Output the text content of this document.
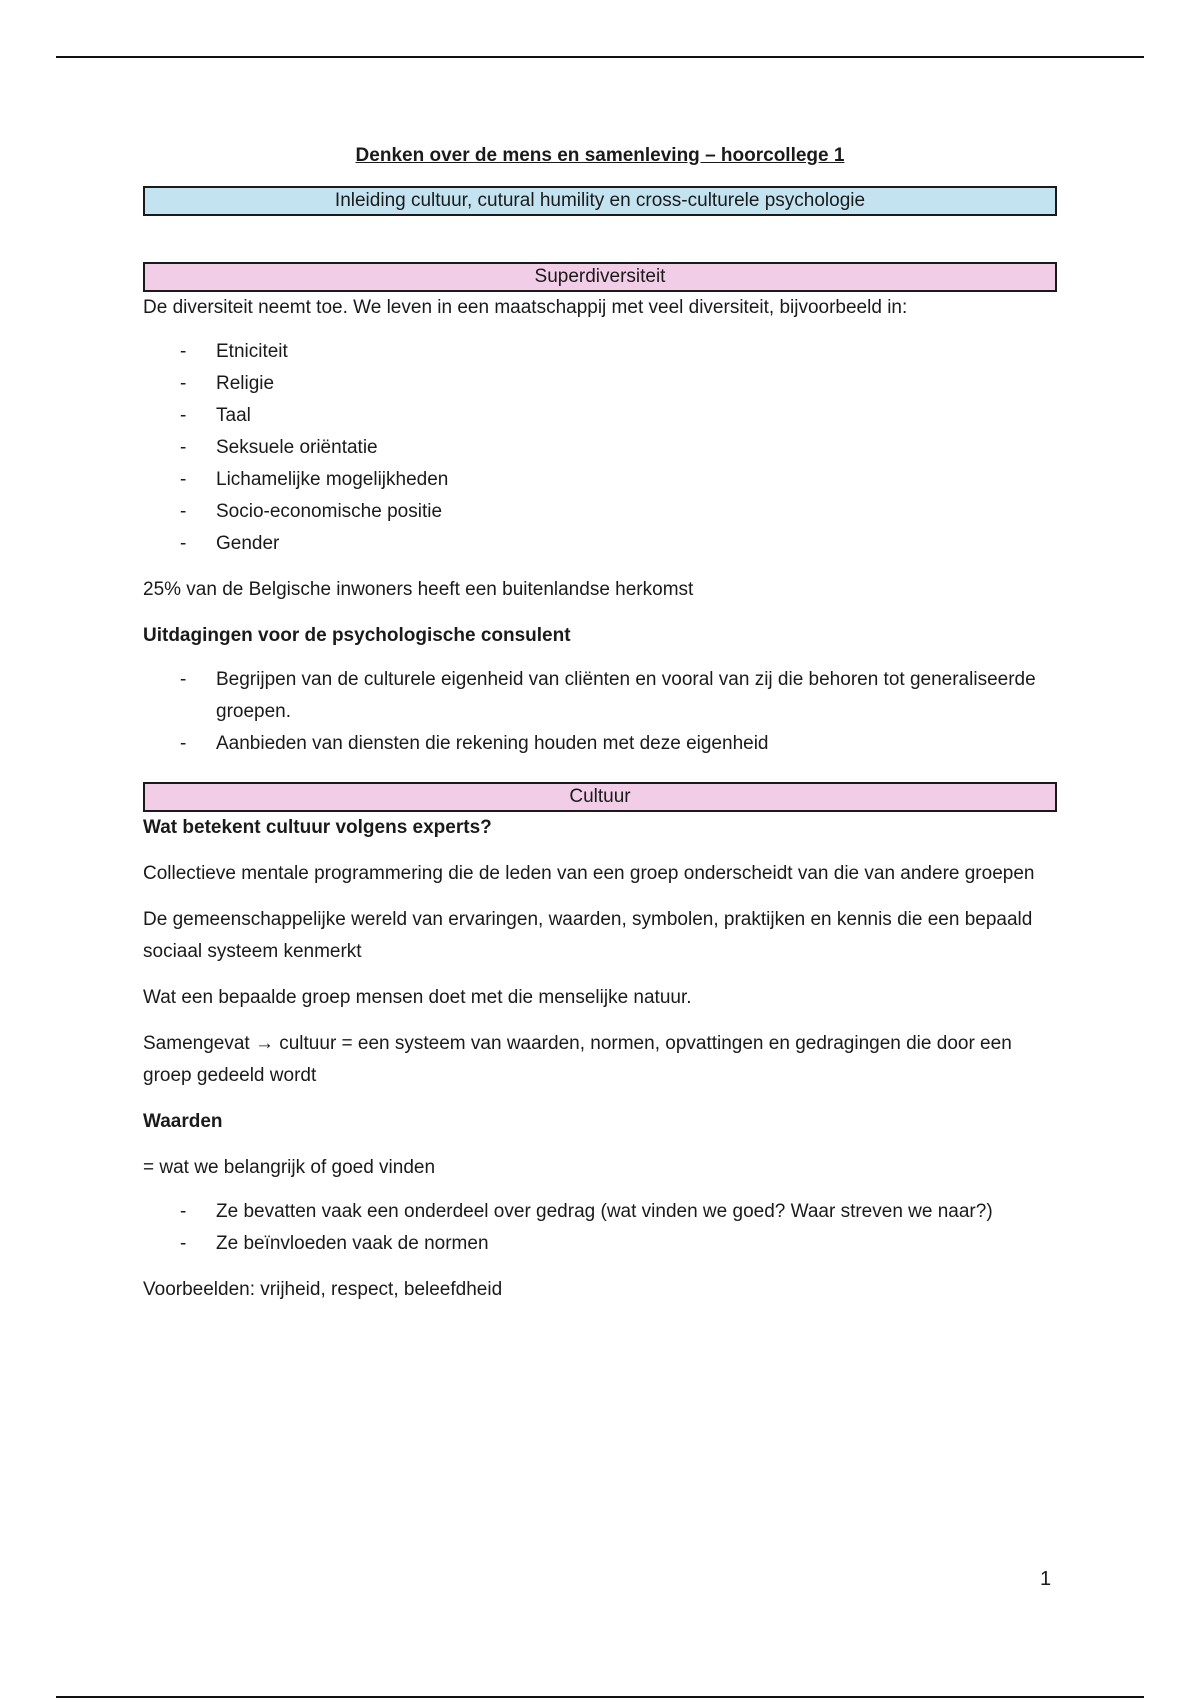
Denken over de mens en samenleving – hoorcollege 1
Inleiding cultuur, cutural humility en cross-culturele psychologie
Superdiversiteit

De diversiteit neemt toe. We leven in een maatschappij met veel diversiteit, bijvoorbeeld in:

- Etniciteit
- Religie
- Taal
- Seksuele oriëntatie
- Lichamelijke mogelijkheden
- Socio-economische positie
- Gender

25% van de Belgische inwoners heeft een buitenlandse herkomst

Uitdagingen voor de psychologische consulent

- Begrijpen van de culturele eigenheid van cliënten en vooral van zij die behoren tot generaliseerde groepen.
- Aanbieden van diensten die rekening houden met deze eigenheid
Cultuur

Wat betekent cultuur volgens experts?

Collectieve mentale programmering die de leden van een groep onderscheidt van die van andere groepen

De gemeenschappelijke wereld van ervaringen, waarden, symbolen, praktijken en kennis die een bepaald sociaal systeem kenmerkt

Wat een bepaalde groep mensen doet met die menselijke natuur.

Samengevat → cultuur = een systeem van waarden, normen, opvattingen en gedragingen die door een groep gedeeld wordt

Waarden

= wat we belangrijk of goed vinden

- Ze bevatten vaak een onderdeel over gedrag (wat vinden we goed? Waar streven we naar?)
- Ze beïnvloeden vaak de normen

Voorbeelden: vrijheid, respect, beleefdheid

1
